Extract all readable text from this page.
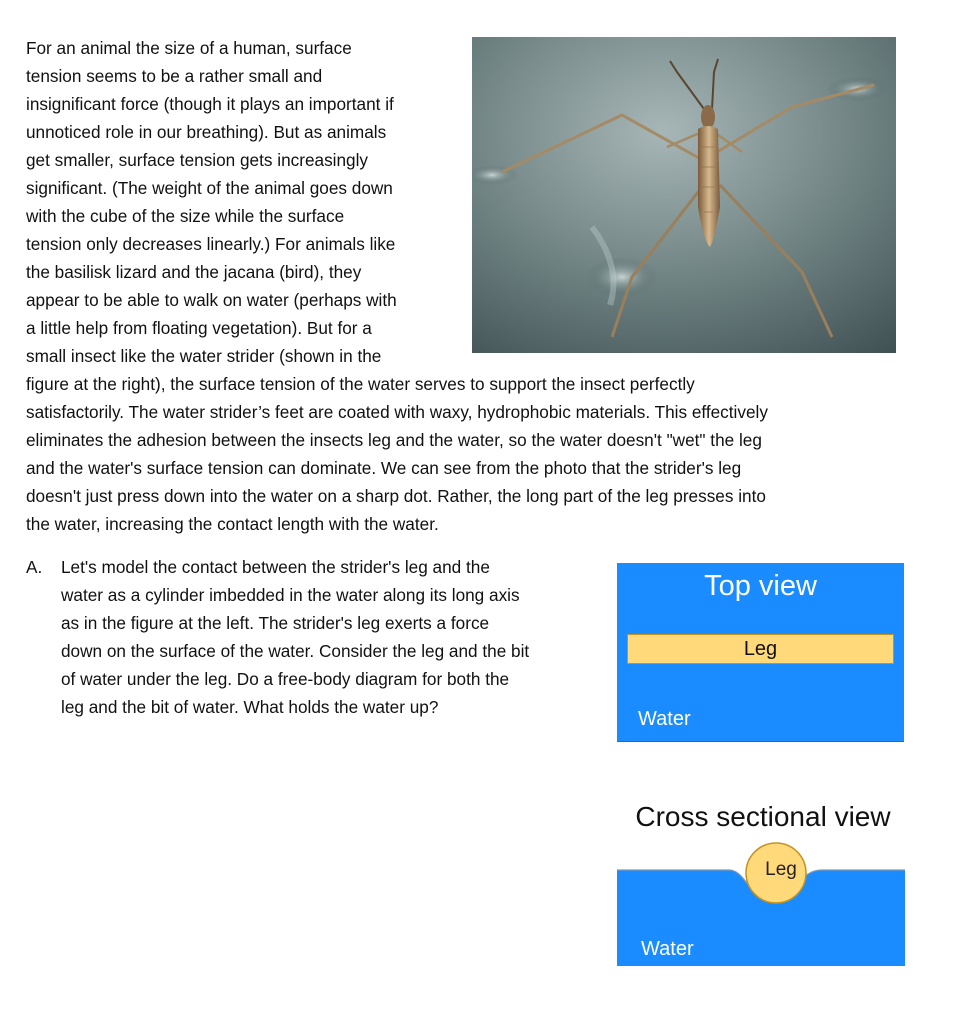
For an animal the size of a human, surface
tension seems to be a rather small and
insignificant force (though it plays an important if
unnoticed role in our breathing). But as animals
get smaller, surface tension gets increasingly
significant. (The weight of the animal goes down
with the cube of the size while the surface
tension only decreases linearly.) For animals like
the basilisk lizard and the jacana (bird), they
appear to be able to walk on water (perhaps with
a little help from floating vegetation). But for a
small insect like the water strider (shown in the
figure at the right), the surface tension of the water serves to support the insect perfectly
satisfactorily. The water strider’s feet are coated with waxy, hydrophobic materials. This effectively
eliminates the adhesion between the insects leg and the water, so the water doesn't "wet" the leg
and the water's surface tension can dominate. We can see from the photo that the strider's leg
doesn't just press down into the water on a sharp dot. Rather, the long part of the leg presses into
the water, increasing the contact length with the water.
A. Let's model the contact between the strider's leg and the
water as a cylinder imbedded in the water along its long axis
as in the figure at the left. The strider's leg exerts a force
down on the surface of the water. Consider the leg and the bit
of water under the leg. Do a free-body diagram for both the
leg and the bit of water. What holds the water up?
Top view
Leg
Water
Cross sectional view
Leg
Water
